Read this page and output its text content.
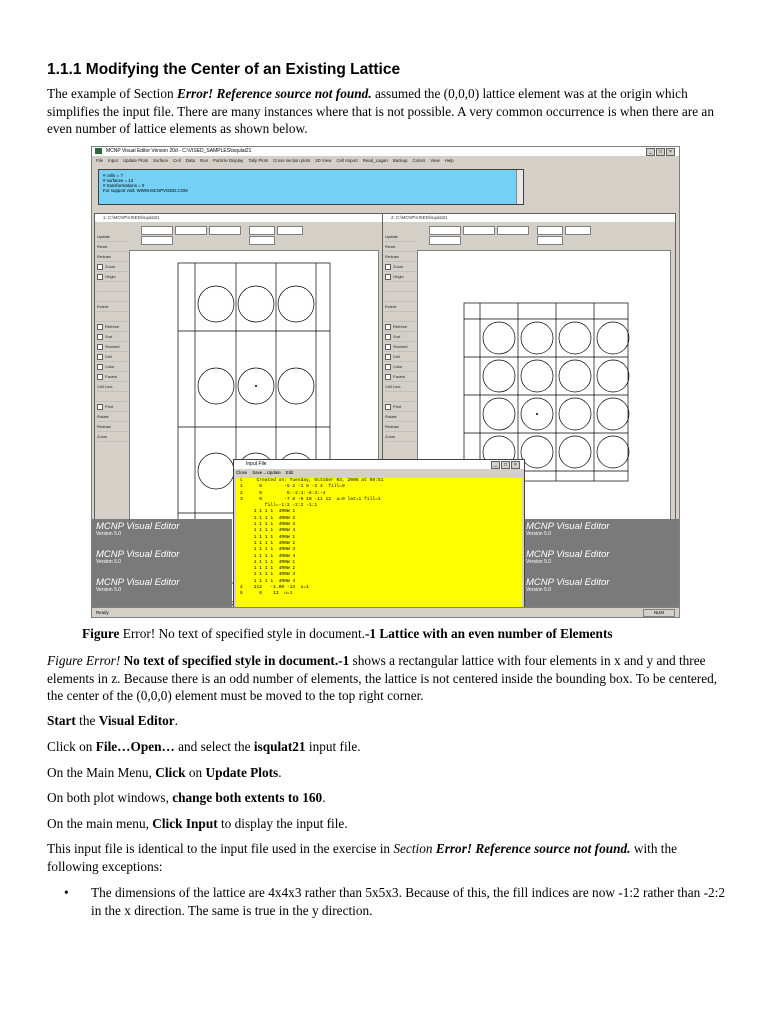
1.1.1 Modifying the Center of an Existing Lattice
The example of Section Error! Reference source not found. assumed the (0,0,0) lattice element was at the origin which simplifies the input file. There are many instances where that is not possible. A very common occurrence is when there are an even number of lattice elements as shown below.
MCNP Visual Editor Version 20d - C:\VISED_SAMPLES\isqulat21	_ □ ×
File Input Update Plots Surface Cell Data Run Particle Display Tally Plots Cross section plots 3D View Cell Import Read_Lagan Backup Colors View Help
# cells = 7
# surfaces = 14
# transformations = 0
For support visit: WWW.MCNPVISED.COM
1: C:\MCNP\VISED\isqulat21
Update
Reset
Redraw
Zoom
Origin
Extent
Refresh
Surf
Showed
Cell
Color
Facets
Cell Line
Print
Rotate
Redraw
Zoom
2: C:\MCNP\VISED\isqulat21
Update
Reset
Redraw
Zoom
Origin
Extent
Refresh
Surf
Showed
Cell
Color
Facets
Cell Line
Print
Rotate
Redraw
Zoom
MCNP Visual Editor
Version 5.0
MCNP Visual Editor
Version 5.0
MCNP Visual Editor
Version 5.0
MCNP Visual Editor
Version 5.0
MCNP Visual Editor
Version 5.0
MCNP Visual Editor
Version 5.0
Input File	_ □ ×
Close Save→Update Edit
c     Created on: Tuesday, October 03, 2006 at 09:51
1      0        -5 2 -1 6 -3 4  fill=9
2      0         5:-2:1:-6:3:-4
3      0        -7 8 -9 10 -11 12  u=9 lat=1 fill=1
fill=-1:2 -2:2 -1:1
1 1 1 1  4R0W 1
1 1 1 1  4R0W 2
1 1 1 1  4R0W 3
1 1 1 1  4R0W 4
1 1 1 1  4R0W 1
1 1 1 1  4R0W 2
1 1 1 1  4R0W 3
1 1 1 1  4R0W 4
1 1 1 1  4R0W 1
1 1 1 1  4R0W 2
1 1 1 1  4R0W 3
1 1 1 1  4R0W 4
4    212   -1.00 -13  u=1
5      0    13  u=1
Ready	NUM
Figure Error! No text of specified style in document.-1 Lattice with an even number of Elements
Figure Error! No text of specified style in document.-1 shows a rectangular lattice with four elements in x and y and three elements in z. Because there is an odd number of elements, the lattice is not centered inside the bounding box. To be centered, the center of the (0,0,0) element must be moved to the top right corner.
Start the Visual Editor.
Click on File…Open… and select the isqulat21 input file.
On the Main Menu, Click on Update Plots.
On both plot windows, change both extents to 160.
On the main menu, Click Input to display the input file.
This input file is identical to the input file used in the exercise in Section Error! Reference source not found. with the following exceptions:
• The dimensions of the lattice are 4x4x3 rather than 5x5x3. Because of this, the fill indices are now -1:2 rather than -2:2 in the x direction. The same is true in the y direction.
